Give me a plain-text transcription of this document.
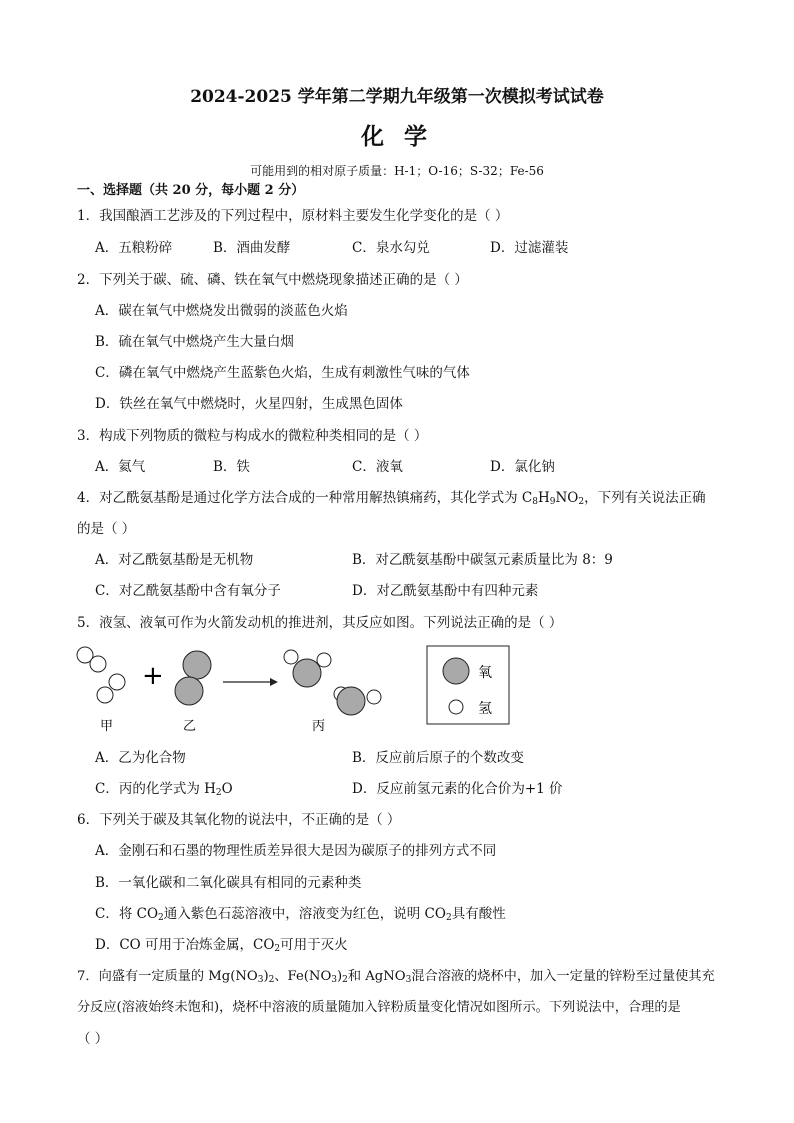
2024-2025 学年第二学期九年级第一次模拟考试试卷
化 学
可能用到的相对原子质量：H-1；O-16；S-32；Fe-56
一、选择题（共 20 分，每小题 2 分）
1．我国酿酒工艺涉及的下列过程中，原材料主要发生化学变化的是（ ）
A．五粮粉碎	B．酒曲发酵	C．泉水勾兑	D．过滤灌装
2．下列关于碳、硫、磷、铁在氧气中燃烧现象描述正确的是（ ）
A．碳在氧气中燃烧发出微弱的淡蓝色火焰
B．硫在氧气中燃烧产生大量白烟
C．磷在氧气中燃烧产生蓝紫色火焰，生成有刺激性气味的气体
D．铁丝在氧气中燃烧时，火星四射，生成黑色固体
3．构成下列物质的微粒与构成水的微粒种类相同的是（ ）
A．氦气	B．铁	C．液氧	D．氯化钠
4．对乙酰氨基酚是通过化学方法合成的一种常用解热镇痛药，其化学式为 $C_8H_9NO_2$，下列有关说法正确
的是（ ）
A．对乙酰氨基酚是无机物	B．对乙酰氨基酚中碳氢元素质量比为 8：9
C．对乙酰氨基酚中含有氧分子	D．对乙酰氨基酚中有四种元素
5．液氢、液氧可作为火箭发动机的推进剂，其反应如图。下列说法正确的是（ ）
+
甲	乙	丙
氧
氢
A．乙为化合物	B．反应前后原子的个数改变
C．丙的化学式为 $H_2O$	D．反应前氢元素的化合价为+1 价
6．下列关于碳及其氧化物的说法中，不正确的是（ ）
A．金刚石和石墨的物理性质差异很大是因为碳原子的排列方式不同
B．一氧化碳和二氧化碳具有相同的元素种类
C．将 $CO_2$通入紫色石蕊溶液中，溶液变为红色，说明 $CO_2$具有酸性
D．CO 可用于冶炼金属，$CO_2$可用于灭火
7．向盛有一定质量的 $Mg(NO_3)_2$、$Fe(NO_3)_2$和 AgNO$_3$混合溶液的烧杯中，加入一定量的锌粉至过量使其充
分反应(溶液始终未饱和)，烧杯中溶液的质量随加入锌粉质量变化情况如图所示。下列说法中，合理的是
（ ）
